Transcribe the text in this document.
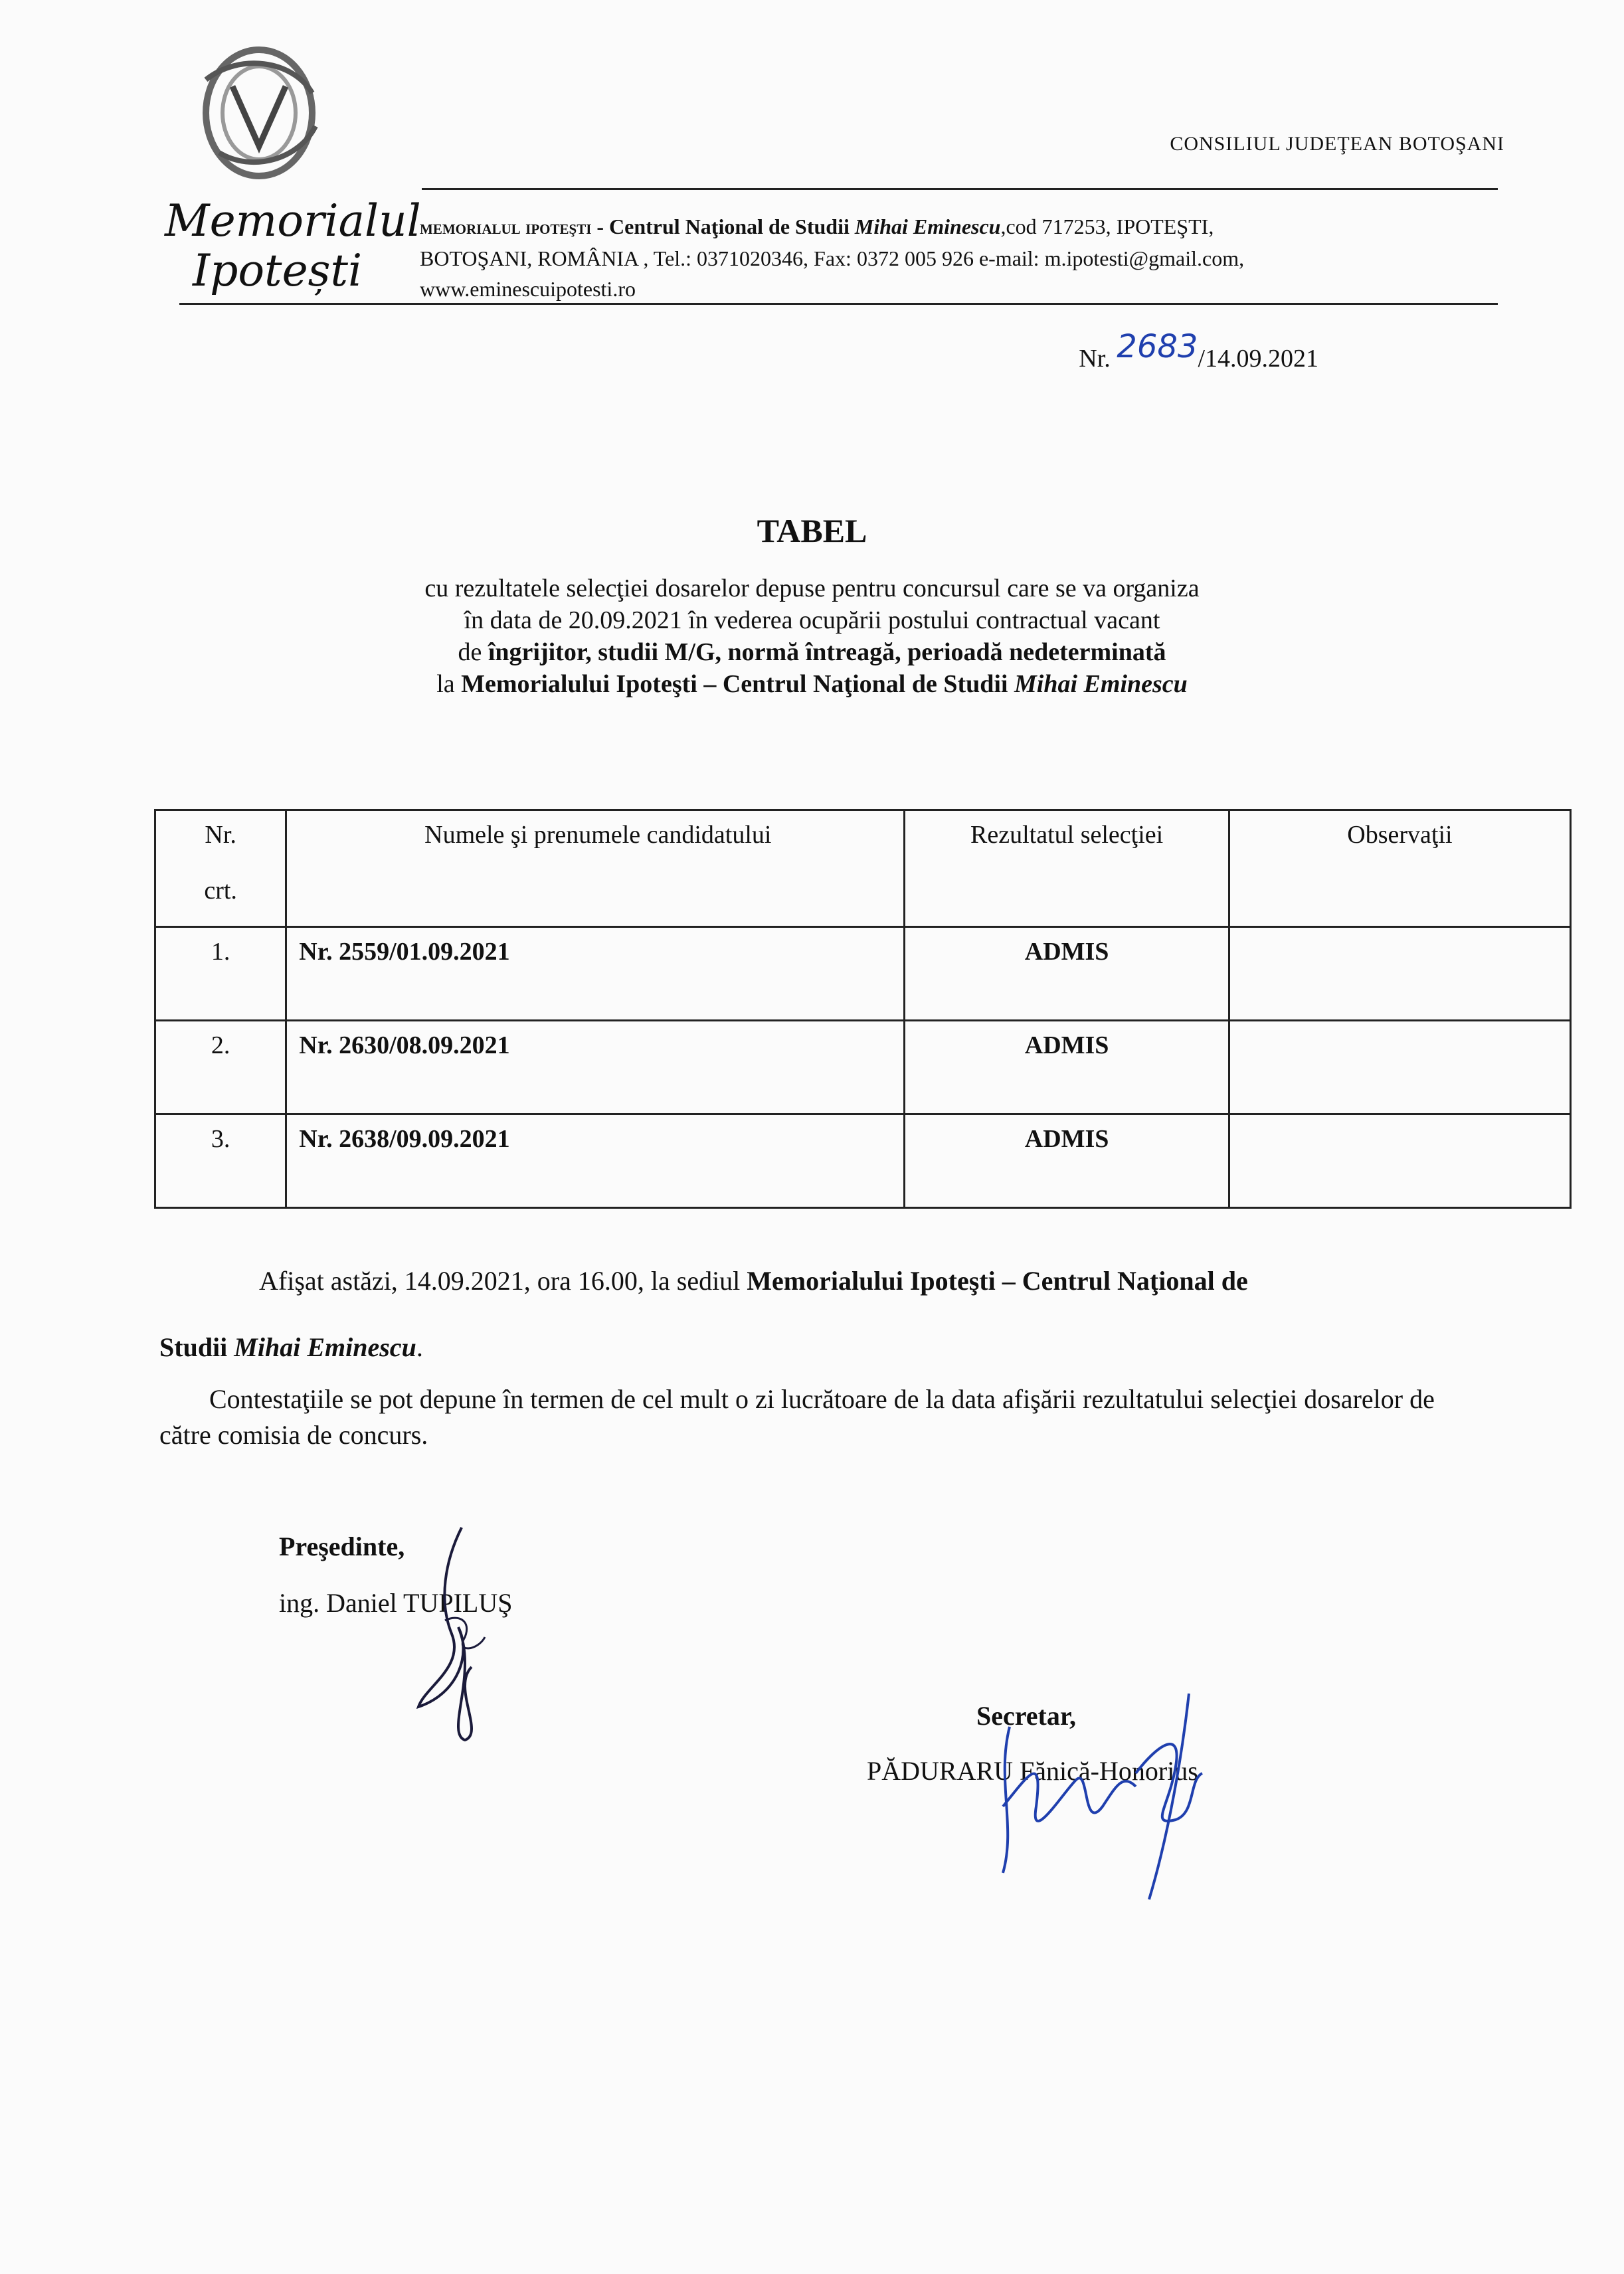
Memorialul
Ipotești
CONSILIUL JUDEŢEAN BOTOŞANI
memorialul ipoteşti - Centrul Naţional de Studii Mihai Eminescu,cod 717253, IPOTEŞTI,
BOTOŞANI, ROMÂNIA , Tel.: 0371020346, Fax: 0372 005 926 e-mail: m.ipotesti@gmail.com,
www.eminescuipotesti.ro
Nr. 2683/14.09.2021
TABEL
cu rezultatele selecţiei dosarelor depuse pentru concursul care se va organiza
în data de 20.09.2021 în vederea ocupării postului contractual vacant
de îngrijitor, studii M/G, normă întreagă, perioadă nedeterminată
la Memorialului Ipoteşti – Centrul Naţional de Studii Mihai Eminescu
Nr.
crt.	Numele şi prenumele candidatului	Rezultatul selecţiei	Observaţii
1.	Nr. 2559/01.09.2021	ADMIS	
2.	Nr. 2630/08.09.2021	ADMIS	
3.	Nr. 2638/09.09.2021	ADMIS	
Afişat astăzi, 14.09.2021, ora 16.00, la sediul Memorialului Ipoteşti – Centrul Naţional de
Studii Mihai Eminescu.
Contestaţiile se pot depune în termen de cel mult o zi lucrătoare de la data afişării rezultatului selecţiei dosarelor de către comisia de concurs.
Preşedinte,
ing. Daniel TUPILUŞ
Secretar,
PĂDURARU Fănică-Honorius
